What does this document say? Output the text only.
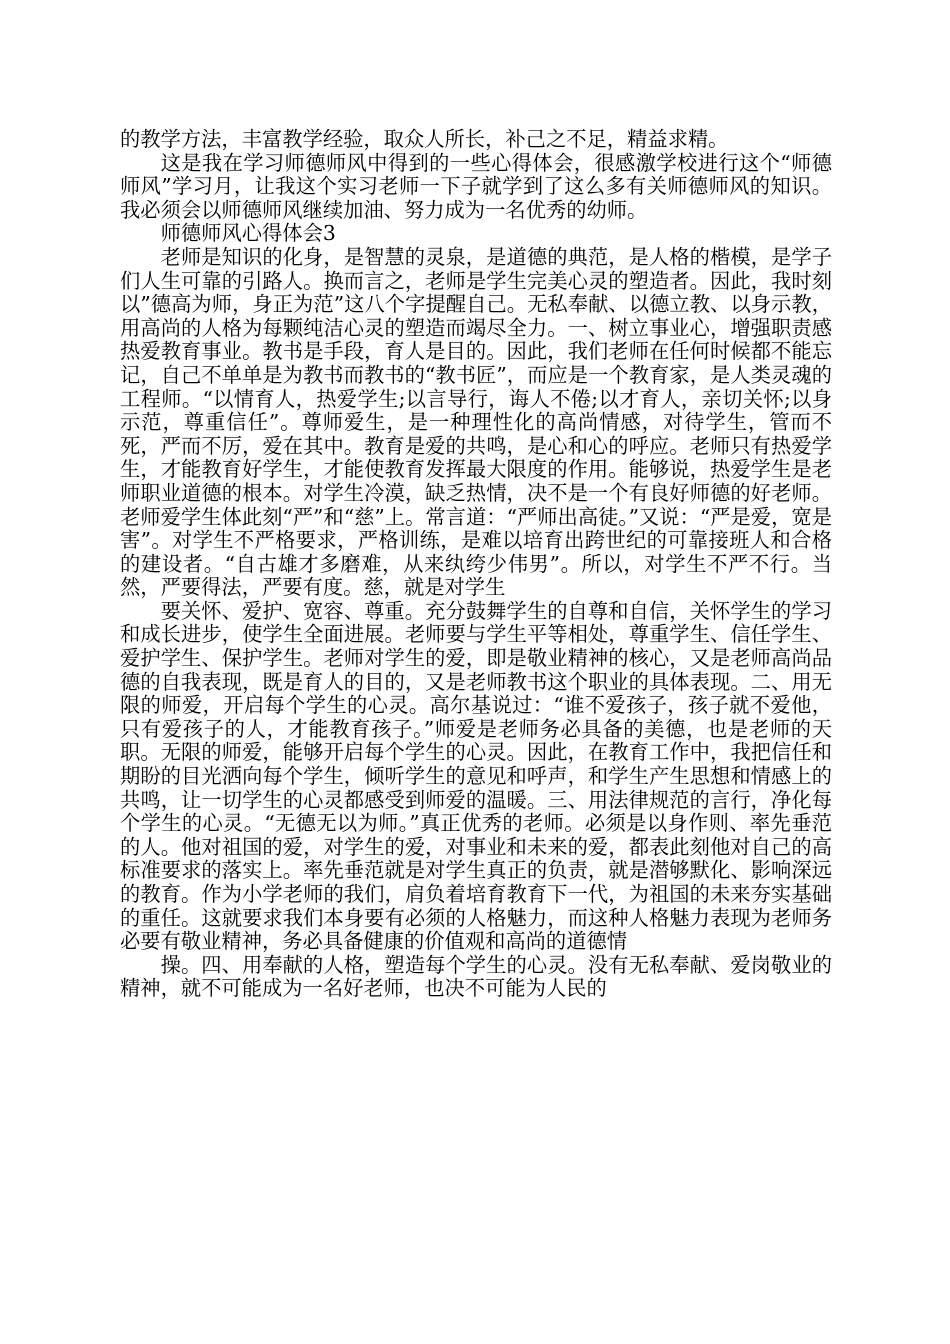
的教学方法，丰富教学经验，取众人所长，补己之不足，精益求精。

这是我在学习师德师风中得到的一些心得体会，很感激学校进行这个“师德师风”学习月，让我这个实习老师一下子就学到了这么多有关师德师风的知识。我必须会以师德师风继续加油、努力成为一名优秀的幼师。

师德师风心得体会3

老师是知识的化身，是智慧的灵泉，是道德的典范，是人格的楷模，是学子们人生可靠的引路人。换而言之，老师是学生完美心灵的塑造者。因此，我时刻以”德高为师，身正为范”这八个字提醒自己。无私奉献、以德立教、以身示教，用高尚的人格为每颗纯洁心灵的塑造而竭尽全力。一、树立事业心，增强职责感热爱教育事业。教书是手段，育人是目的。因此，我们老师在任何时候都不能忘记，自己不单单是为教书而教书的“教书匠”，而应是一个教育家，是人类灵魂的工程师。“以情育人，热爱学生;以言导行，诲人不倦;以才育人，亲切关怀;以身示范，尊重信任”。尊师爱生，是一种理性化的高尚情感，对待学生，管而不死，严而不厉，爱在其中。教育是爱的共鸣，是心和心的呼应。老师只有热爱学生，才能教育好学生，才能使教育发挥最大限度的作用。能够说，热爱学生是老师职业道德的根本。对学生冷漠，缺乏热情，决不是一个有良好师德的好老师。老师爱学生体此刻“严”和“慈”上。常言道：“严师出高徒。”又说：“严是爱，宽是害”。对学生不严格要求，严格训练，是难以培育出跨世纪的可靠接班人和合格的建设者。“自古雄才多磨难，从来纨绔少伟男”。所以，对学生不严不行。当然，严要得法，严要有度。慈，就是对学生

要关怀、爱护、宽容、尊重。充分鼓舞学生的自尊和自信，关怀学生的学习和成长进步，使学生全面进展。老师要与学生平等相处，尊重学生、信任学生、爱护学生、保护学生。老师对学生的爱，即是敬业精神的核心，又是老师高尚品德的自我表现，既是育人的目的，又是老师教书这个职业的具体表现。二、用无限的师爱，开启每个学生的心灵。高尔基说过：“谁不爱孩子，孩子就不爱他，只有爱孩子的人，才能教育孩子。”师爱是老师务必具备的美德，也是老师的天职。无限的师爱，能够开启每个学生的心灵。因此，在教育工作中，我把信任和期盼的目光洒向每个学生，倾听学生的意见和呼声，和学生产生思想和情感上的共鸣，让一切学生的心灵都感受到师爱的温暖。三、用法律规范的言行，净化每个学生的心灵。“无德无以为师。”真正优秀的老师。必须是以身作则、率先垂范的人。他对祖国的爱，对学生的爱，对事业和未来的爱，都表此刻他对自己的高标准要求的落实上。率先垂范就是对学生真正的负责，就是潜够默化、影响深远的教育。作为小学老师的我们，肩负着培育教育下一代，为祖国的未来夯实基础的重任。这就要求我们本身要有必须的人格魅力，而这种人格魅力表现为老师务必要有敬业精神，务必具备健康的价值观和高尚的道德情

操。四、用奉献的人格，塑造每个学生的心灵。没有无私奉献、爱岗敬业的精神，就不可能成为一名好老师，也决不可能为人民的
